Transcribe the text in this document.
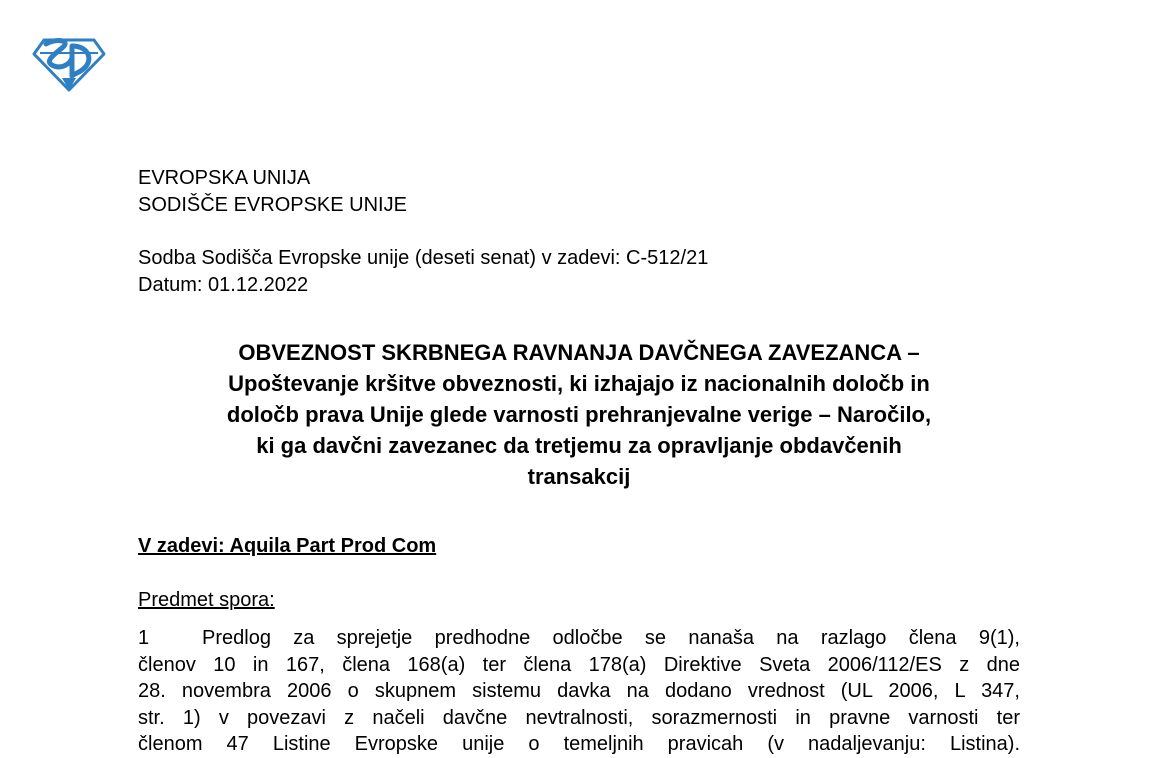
EVROPSKA UNIJA
SODIŠČE EVROPSKE UNIJE
Sodba Sodišča Evropske unije (deseti senat) v zadevi: C-512/21
Datum: 01.12.2022
OBVEZNOST SKRBNEGA RAVNANJA DAVČNEGA ZAVEZANCA –
Upoštevanje kršitve obveznosti, ki izhajajo iz nacionalnih določb in
določb prava Unije glede varnosti prehranjevalne verige – Naročilo,
ki ga davčni zavezanec da tretjemu za opravljanje obdavčenih
transakcij
V zadevi: Aquila Part Prod Com
Predmet spora:
1	Predlog za sprejetje predhodne odločbe se nanaša na razlago člena 9(1),
členov 10 in 167, člena 168(a) ter člena 178(a) Direktive Sveta 2006/112/ES z dne
28. novembra 2006 o skupnem sistemu davka na dodano vrednost (UL 2006, L 347,
str. 1) v povezavi z načeli davčne nevtralnosti, sorazmernosti in pravne varnosti ter
členom 47 Listine Evropske unije o temeljnih pravicah (v nadaljevanju: Listina).
